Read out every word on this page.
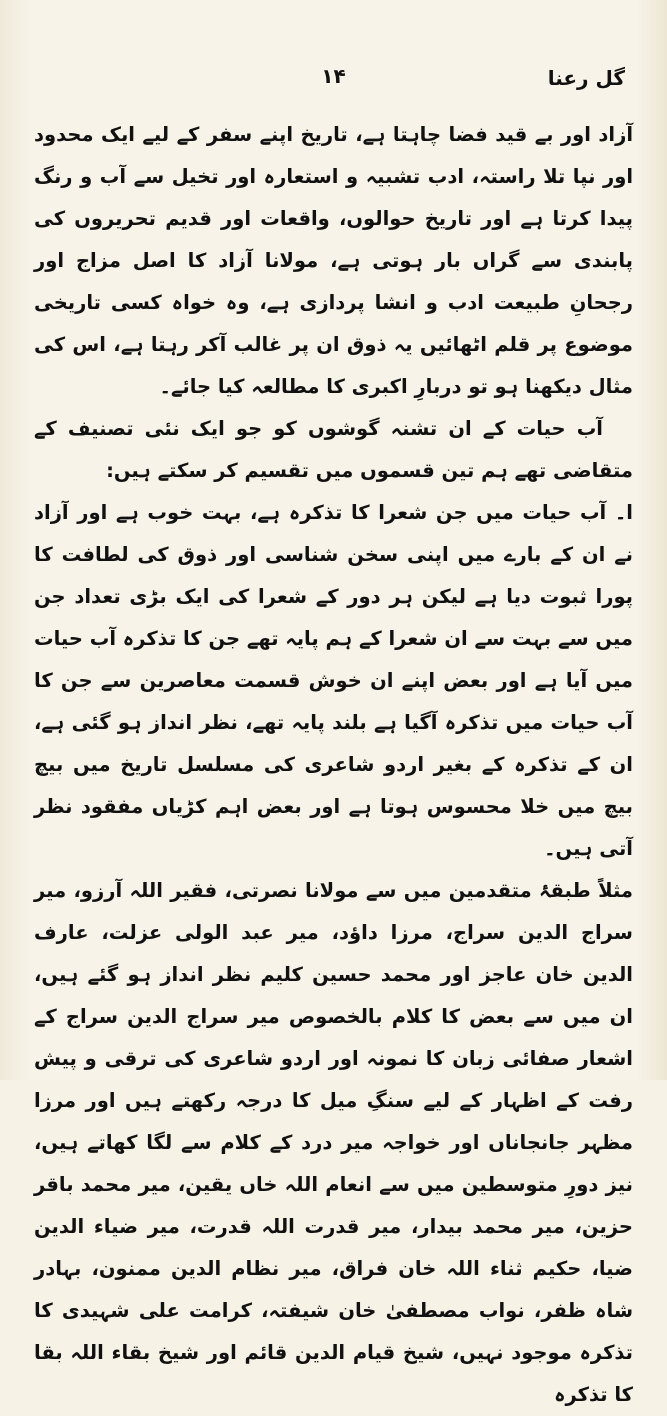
گل رعنا
۱۴

آزاد اور بے قید فضا چاہتا ہے، تاریخ اپنے سفر کے لیے ایک محدود اور نپا تلا راستہ، ادب تشبیہ و استعارہ اور تخیل سے آب و رنگ پیدا کرتا ہے اور تاریخ حوالوں، واقعات اور قدیم تحریروں کی پابندی سے گراں بار ہوتی ہے، مولانا آزاد کا اصل مزاج اور رجحانِ طبیعت ادب و انشا پردازی ہے، وہ خواہ کسی تاریخی موضوع پر قلم اٹھائیں یہ ذوق ان پر غالب آکر رہتا ہے، اس کی مثال دیکھنا ہو تو دربارِ اکبری کا مطالعہ کیا جائے۔

آب حیات کے ان تشنہ گوشوں کو جو ایک نئی تصنیف کے متقاضی تھے ہم تین قسموں میں تقسیم کر سکتے ہیں:

ا۔ آب حیات میں جن شعرا کا تذکرہ ہے، بہت خوب ہے اور آزاد نے ان کے بارے میں اپنی سخن شناسی اور ذوق کی لطافت کا پورا ثبوت دیا ہے لیکن ہر دور کے شعرا کی ایک بڑی تعداد جن میں سے بہت سے ان شعرا کے ہم پایہ تھے جن کا تذکرہ آب حیات میں آیا ہے اور بعض اپنے ان خوش قسمت معاصرین سے جن کا آب حیات میں تذکرہ آگیا ہے بلند پایہ تھے، نظر انداز ہو گئی ہے، ان کے تذکرہ کے بغیر اردو شاعری کی مسلسل تاریخ میں بیچ بیچ میں خلا محسوس ہوتا ہے اور بعض اہم کڑیاں مفقود نظر آتی ہیں۔

مثلاً طبقۂ متقدمین میں سے مولانا نصرتی، فقیر اللہ آرزو، میر سراج الدین سراج، مرزا داؤد، میر عبد الولی عزلت، عارف الدین خان عاجز اور محمد حسین کلیم نظر انداز ہو گئے ہیں، ان میں سے بعض کا کلام بالخصوص میر سراج الدین سراج کے اشعار صفائی زبان کا نمونہ اور اردو شاعری کی ترقی و پیش رفت کے اظہار کے لیے سنگِ میل کا درجہ رکھتے ہیں اور مرزا مظہر جانجاناں اور خواجہ میر درد کے کلام سے لگا کھاتے ہیں، نیز دورِ متوسطین میں سے انعام اللہ خاں یقین، میر محمد باقر حزین، میر محمد بیدار، میر قدرت اللہ قدرت، میر ضیاء الدین ضیا، حکیم ثناء اللہ خان فراق، میر نظام الدین ممنون، بہادر شاہ ظفر، نواب مصطفیٰ خان شیفتہ، کرامت علی شہیدی کا تذکرہ موجود نہیں، شیخ قیام الدین قائم اور شیخ بقاء اللہ بقا کا تذکرہ
